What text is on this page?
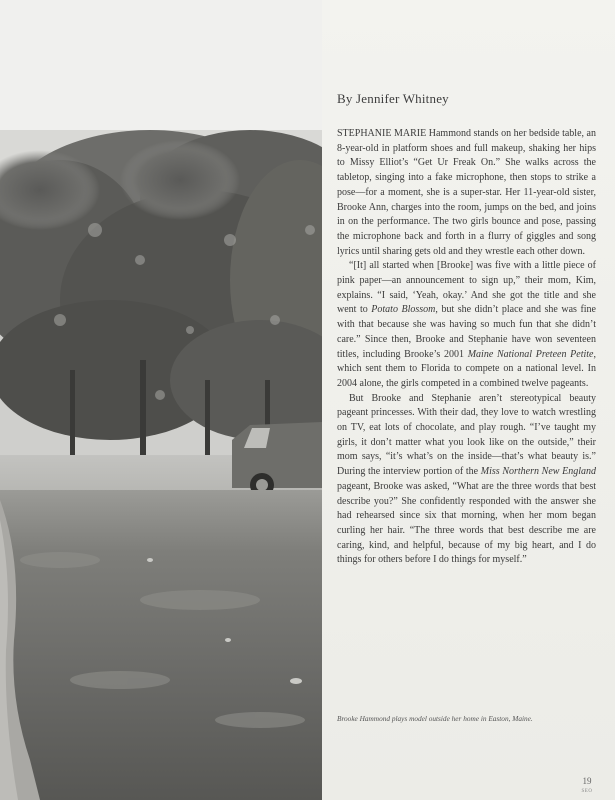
By Jennifer Whitney

STEPHANIE MARIE Hammond stands on her bedside table, an 8-year-old in platform shoes and full makeup, shaking her hips to Missy Elliot’s “Get Ur Freak On.” She walks across the tabletop, singing into a fake microphone, then stops to strike a pose—for a moment, she is a super-star. Her 11-year-old sister, Brooke Ann, charges into the room, jumps on the bed, and joins in on the performance. The two girls bounce and pose, passing the microphone back and forth in a flurry of giggles and song lyrics until sharing gets old and they wrestle each other down.

“[It] all started when [Brooke] was five with a little piece of pink paper—an announcement to sign up,” their mom, Kim, explains. “I said, ‘Yeah, okay.’ And she got the title and she went to Potato Blossom, but she didn’t place and she was fine with that because she was having so much fun that she didn’t care.” Since then, Brooke and Stephanie have won seventeen titles, including Brooke’s 2001 Maine National Preteen Petite, which sent them to Florida to compete on a national level. In 2004 alone, the girls competed in a combined twelve pageants.

But Brooke and Stephanie aren’t stereotypical beauty pageant princesses. With their dad, they love to watch wrestling on TV, eat lots of chocolate, and play rough. “I’ve taught my girls, it don’t matter what you look like on the outside,” their mom says, “it’s what’s on the inside—that’s what beauty is.” During the interview portion of the Miss Northern New England pageant, Brooke was asked, “What are the three words that best describe you?” She confidently responded with the answer she had rehearsed since six that morning, when her mom began curling her hair. “The three words that best describe me are caring, kind, and helpful, because of my big heart, and I do things for others before I do things for myself.”

Brooke Hammond plays model outside her home in Easton, Maine.

19
SEO
